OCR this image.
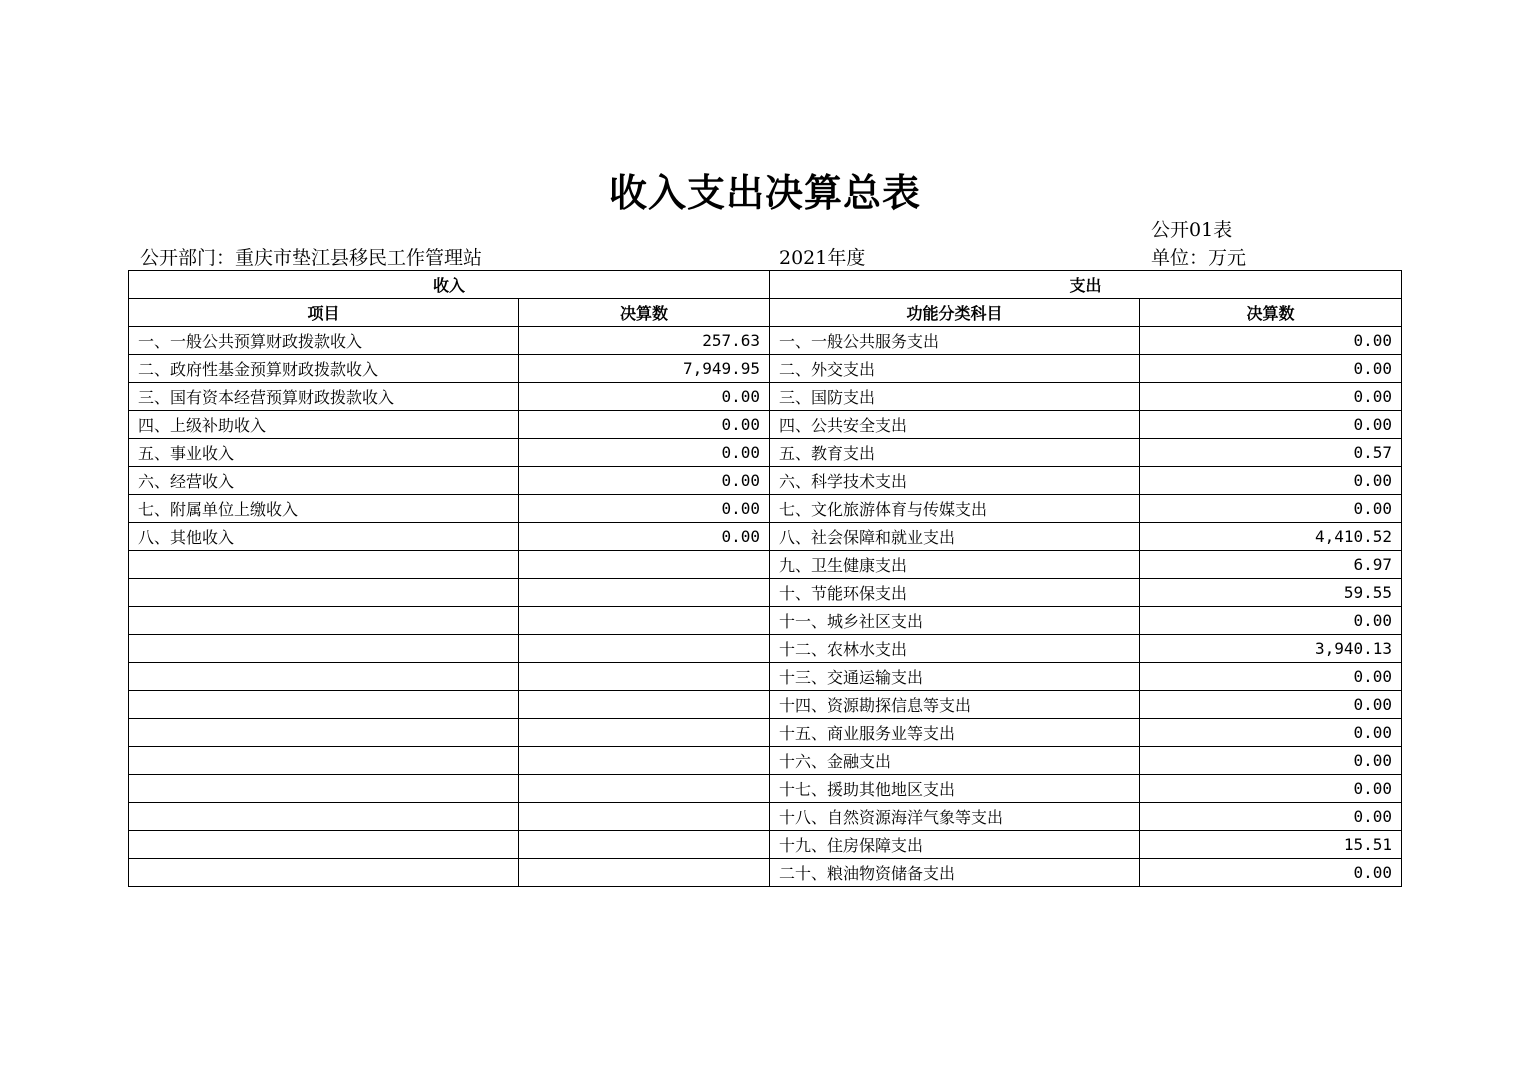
收入支出决算总表
公开01表
公开部门：重庆市垫江县移民工作管理站	2021年度	单位：万元
收入		支出	
项目	决算数	功能分类科目	决算数
一、一般公共预算财政拨款收入	257.63	一、一般公共服务支出	0.00
二、政府性基金预算财政拨款收入	7,949.95	二、外交支出	0.00
三、国有资本经营预算财政拨款收入	0.00	三、国防支出	0.00
四、上级补助收入	0.00	四、公共安全支出	0.00
五、事业收入	0.00	五、教育支出	0.57
六、经营收入	0.00	六、科学技术支出	0.00
七、附属单位上缴收入	0.00	七、文化旅游体育与传媒支出	0.00
八、其他收入	0.00	八、社会保障和就业支出	4,410.52
		九、卫生健康支出	6.97
		十、节能环保支出	59.55
		十一、城乡社区支出	0.00
		十二、农林水支出	3,940.13
		十三、交通运输支出	0.00
		十四、资源勘探信息等支出	0.00
		十五、商业服务业等支出	0.00
		十六、金融支出	0.00
		十七、援助其他地区支出	0.00
		十八、自然资源海洋气象等支出	0.00
		十九、住房保障支出	15.51
		二十、粮油物资储备支出	0.00
